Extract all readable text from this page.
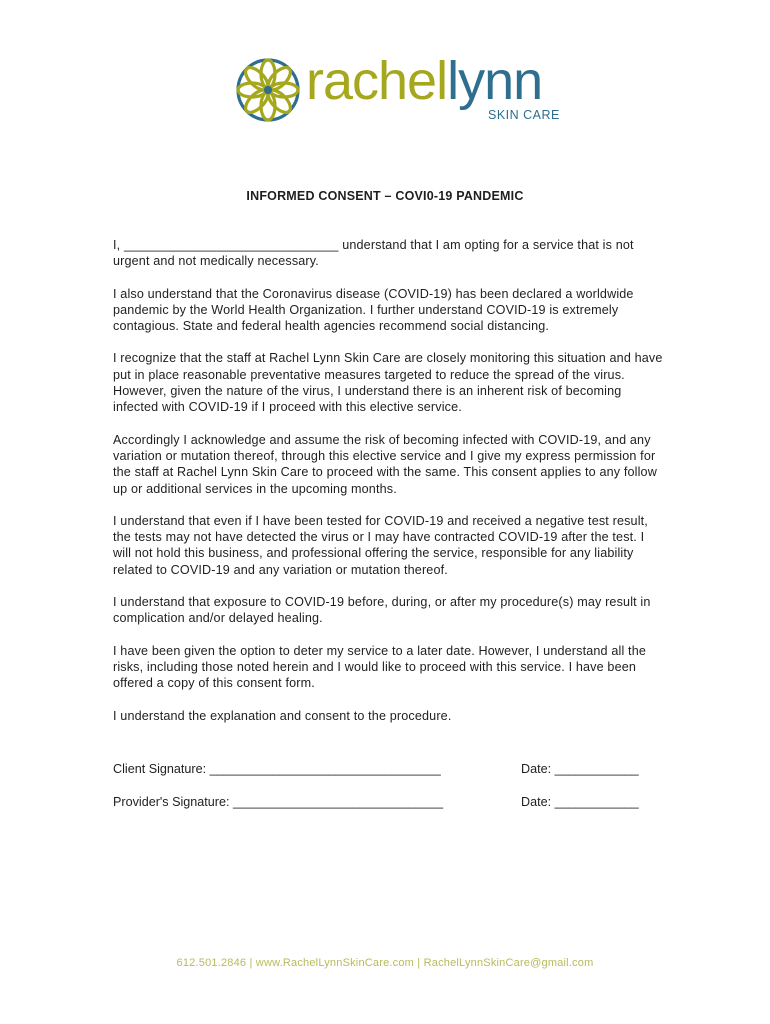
rachellynn
SKIN CARE
INFORMED CONSENT – COVI0-19 PANDEMIC

I, ______________________________ understand that I am opting for a service that is not urgent and not medically necessary.

I also understand that the Coronavirus disease (COVID-19) has been declared a worldwide pandemic by the World Health Organization. I further understand COVID-19 is extremely contagious. State and federal health agencies recommend social distancing.

I recognize that the staff at Rachel Lynn Skin Care are closely monitoring this situation and have put in place reasonable preventative measures targeted to reduce the spread of the virus. However, given the nature of the virus, I understand there is an inherent risk of becoming infected with COVID-19 if I proceed with this elective service.

Accordingly I acknowledge and assume the risk of becoming infected with COVID-19, and any variation or mutation thereof, through this elective service and I give my express permission for the staff at Rachel Lynn Skin Care to proceed with the same. This consent applies to any follow up or additional services in the upcoming months.

I understand that even if I have been tested for COVID-19 and received a negative test result, the tests may not have detected the virus or I may have contracted COVID-19 after the test. I will not hold this business, and professional offering the service, responsible for any liability related to COVID-19 and any variation or mutation thereof.

I understand that exposure to COVID-19 before, during, or after my procedure(s) may result in complication and/or delayed healing.

I have been given the option to deter my service to a later date. However, I understand all the risks, including those noted herein and I would like to proceed with this service. I have been offered a copy of this consent form.

I understand the explanation and consent to the procedure.

Client Signature: _________________________________	Date: ____________
Provider's Signature: ______________________________	Date: ____________
612.501.2846 | www.RachelLynnSkinCare.com | RachelLynnSkinCare@gmail.com
